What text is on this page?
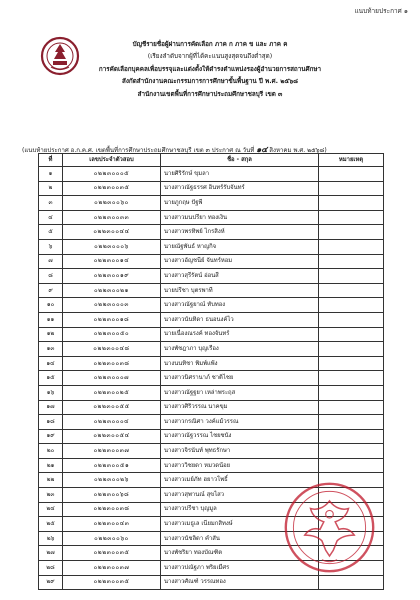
แนบท้ายประกาศ ๑
บัญชีรายชื่อผู้ผ่านการคัดเลือก ภาค ก ภาค ข และ ภาค ค
(เรียงลำดับจากผู้ที่ได้คะแนนสูงสุดจนถึงต่ำสุด)
การคัดเลือกบุคคลเพื่อบรรจุและแต่งตั้งให้ดำรงตำแหน่งรองผู้อำนวยการสถานศึกษา
สังกัดสำนักงานคณะกรรมการการศึกษาขั้นพื้นฐาน ปี พ.ศ. ๒๕๖๘
สำนักงานเขตพื้นที่การศึกษาประถมศึกษาชลบุรี เขต ๓
(แนบท้ายประกาศ อ.ก.ค.ศ. เขตพื้นที่การศึกษาประถมศึกษาชลบุรี เขต ๓ ประกาศ ณ วันที่ ๑๔ สิงหาคม พ.ศ. ๒๕๖๘)
ที่	เลขประจำตัวสอบ	ชื่อ - สกุล	หมายเหตุ
๑	๐๒๒๓๐๐๐๕	นายศิริรักษ์ ขุมลา	
๒	๐๒๒๓๐๐๓๕	นางสาวณัฐธรรศ อินทร์รับจันทร์	
๓	๐๒๒๓๐๐๖๐	นายภูกฤษ ปัฐพี	
๔	๐๒๒๓๐๐๓๓	นางสาวมนปรียา ทองเงิน	
๕	๐๒๒๓๐๐๔๔	นางสาวพรทิพย์ ไกรสิงห์	
๖	๐๒๒๓๐๐๐๖	นายณัฐพันธ์ หาญกิจ	
๗	๐๒๒๓๐๐๑๔	นางสาวอัญชนีย์ จันทร์หอม	
๘	๐๒๒๓๐๐๑๙	นางสาวสุรีรัตน์ อ่อนสี	
๙	๐๒๒๓๐๐๒๑	นายปรีชา บุตรพาที	
๑๐	๐๒๒๓๐๐๐๓	นางสาวณัฐยาณ์ ทับทอง	
๑๑	๐๒๒๓๐๐๑๘	นางสาวนันทิดา ธนอนงค์ไว	
๑๒	๐๒๒๓๐๐๕๐	นายเนื่องณรงค์ ทองจันทร์	
๑๓	๐๒๒๓๐๐๔๘	นางพัชฎาภา บุญเรือง	
๑๔	๐๒๒๓๐๐๓๘	นางนนทิชา พิมพ์แพ้ง	
๑๕	๐๒๒๓๐๐๐๗	นางสาวนิศรานาภ์ ชาติไชย	
๑๖	๐๒๒๓๐๐๒๕	นางสาวณัฐฐยา เหล่าพระฤส	
๑๗	๐๒๒๓๐๐๕๕	นางสาวศิริวรรณ นาคขุม	
๑๘	๐๒๒๓๐๐๐๔	นางสาวกรณิศา วงค์แม้วรรณ	
๑๙	๐๒๒๓๐๐๕๔	นางสาวณัฐวรรณ ไชยชนัง	
๒๐	๐๒๒๓๐๐๓๗	นางสาวจิรนันท์ พุทธรักษา	
๒๑	๐๒๒๓๐๐๕๑	นางสาววิชยดา หมวดน้อย	
๒๒	๐๒๒๓๐๐๒๖	นางสาวเมย์ภัท ฮยาวโพธิ์	
๒๓	๐๒๒๓๐๐๖๘	นางสาวสุพานณ์ สุขไสว	
๒๔	๐๒๒๓๐๐๓๘	นางสาวปรีชา บุญมูล	
๒๕	๐๒๒๓๐๐๔๓	นางสาวเมธูเล เนียมกสิทงษ์	
๒๖	๐๒๒๓๐๐๖๐	นางสาวนัชลิดา คำสัน	
๒๗	๐๒๒๓๐๐๓๕	นางพัชริยา ทองบัณฑิต	
๒๘	๐๒๒๓๐๐๓๗	นางสาวปณัฐภา พริยเมืศร	
๒๙	๐๒๒๓๐๐๓๕	นางสาวศัณฑ์ วรรณทอง	
